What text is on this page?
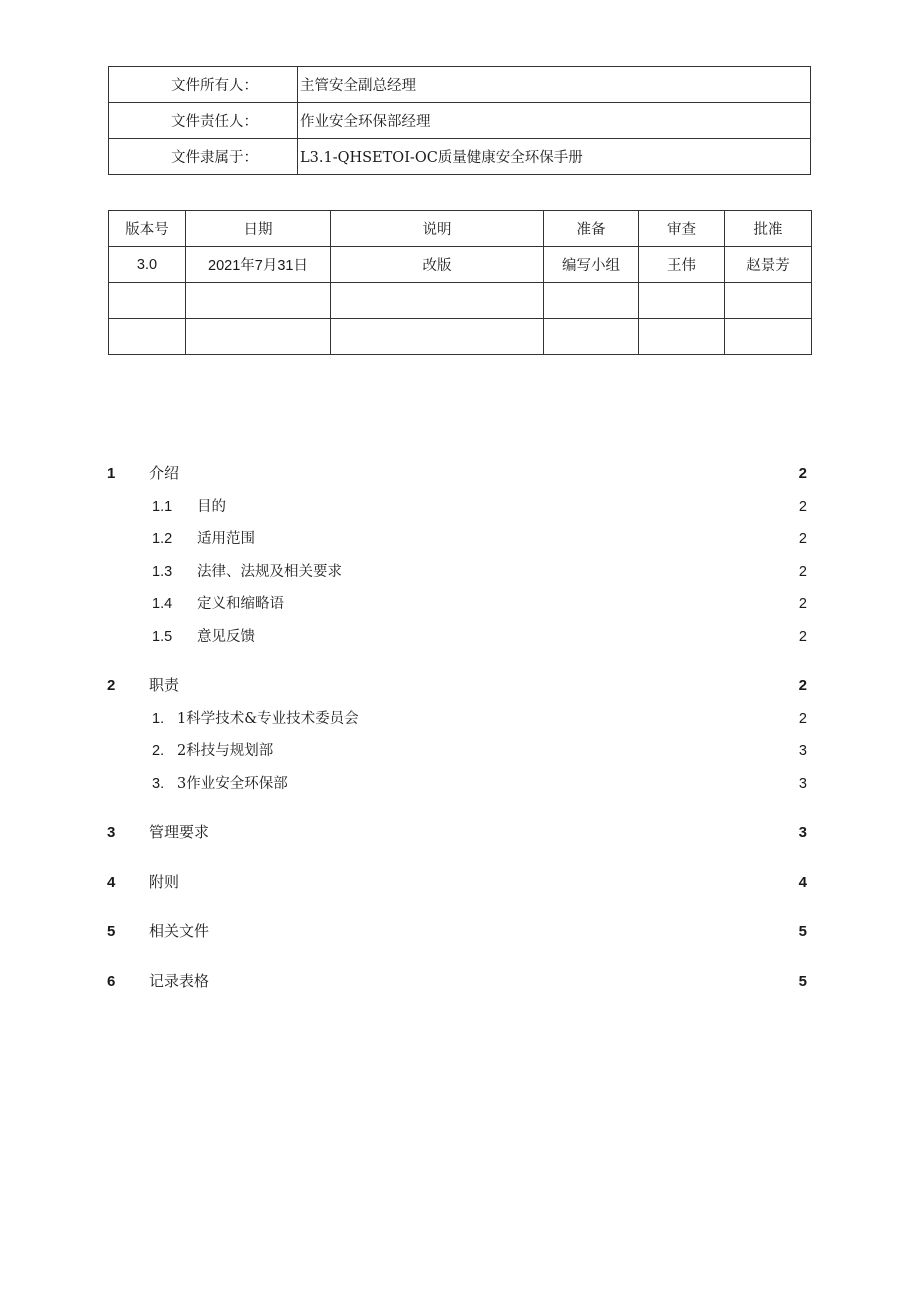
文件所有人：	主管安全副总经理
文件责任人：	作业安全环保部经理
文件隶属于：	L3.1-QHSETOI-OC质量健康安全环保手册
版本号	日期	说明	准备	审查	批准
3.0	2021年7月31日	改版	编写小组	王伟	赵景芳

1 介绍	2
1.1 目的	2
1.2 适用范围	2
1.3 法律、法规及相关要求	2
1.4 定义和缩略语	2
1.5 意见反馈	2
2 职责	2
1. 1科学技术&专业技术委员会	2
2. 2科技与规划部	3
3. 3作业安全环保部	3
3 管理要求	3
4 附则	4
5 相关文件	5
6 记录表格	5
